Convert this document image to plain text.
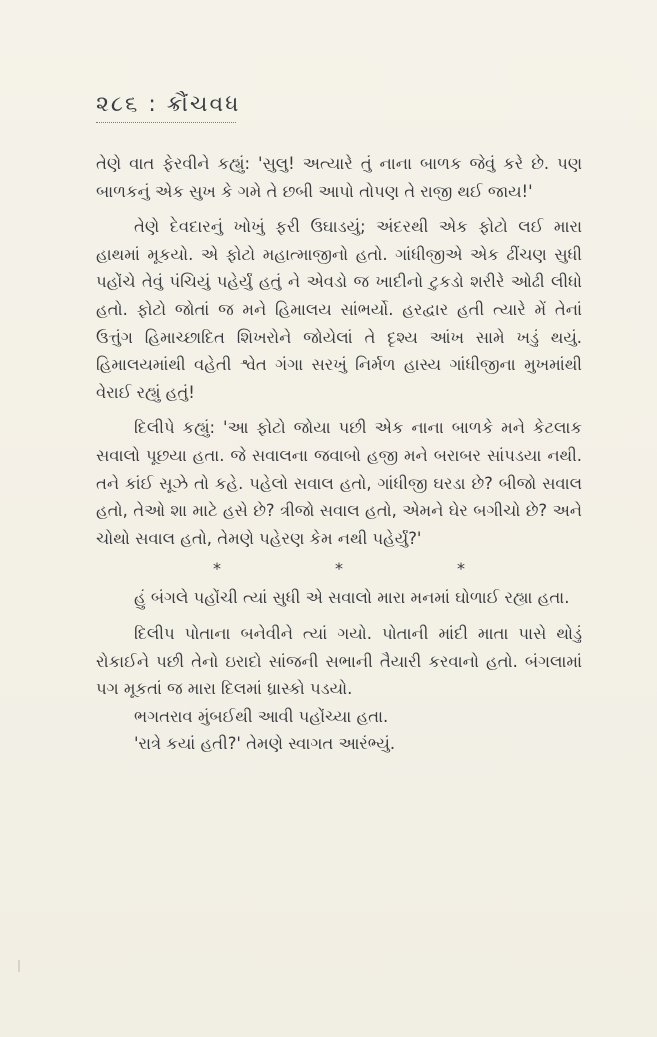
૨૮૬ : ક્રૌંચવધ

તેણે વાત ફેરવીને કહ્યું: 'સુલુ! અત્યારે તું નાના બાળક જેવું કરે છે. પણ બાળકનું એક સુખ કે ગમે તે છબી આપો તોપણ તે રાજી થઈ જાય!'

તેણે દેવદારનું ખોખું ફરી ઉઘાડયું; અંદરથી એક ફોટો લઈ મારા હાથમાં મૂકયો. એ ફોટો મહાત્માજીનો હતો. ગાંધીજીએ એક ઢીંચણ સુધી પહોંચે તેવું પંચિયું પહેર્યું હતું ને એવડો જ ખાદીનો ટુકડો શરીરે ઓઢી લીધો હતો. ફોટો જોતાં જ મને હિમાલય સાંભર્યો. હરદ્વાર હતી ત્યારે મેં તેનાં ઉત્તુંગ હિમાચ્છાદિત શિખરોને જોયેલાં તે દૃશ્ય આંખ સામે ખડું થયું. હિમાલયમાંથી વહેતી શ્વેત ગંગા સરખું નિર્મળ હાસ્ય ગાંધીજીના મુખમાંથી વેરાઈ રહ્યું હતું!

દિલીપે કહ્યું: 'આ ફોટો જોયા પછી એક નાના બાળકે મને કેટલાક સવાલો પૂછયા હતા. જે સવાલના જવાબો હજી મને બરાબર સાંપડયા નથી. તને કાંઈ સૂઝે તો કહે. પહેલો સવાલ હતો, ગાંધીજી ઘરડા છે? બીજો સવાલ હતો, તેઓ શા માટે હસે છે? ત્રીજો સવાલ હતો, એમને ઘેર બગીચો છે? અને ચોથો સવાલ હતો, તેમણે પહેરણ કેમ નથી પહેર્યું?'

*	*	*

હું બંગલે પહોંચી ત્યાં સુધી એ સવાલો મારા મનમાં ઘોળાઈ રહ્યા હતા.

દિલીપ પોતાના બનેવીને ત્યાં ગયો. પોતાની માંદી માતા પાસે થોડું રોકાઈને પછી તેનો ઇરાદો સાંજની સભાની તૈયારી કરવાનો હતો. બંગલામાં પગ મૂકતાં જ મારા દિલમાં ધ્રાસ્કો પડયો.

ભગતરાવ મુંબઈથી આવી પહોંચ્યા હતા.

'રાત્રે કયાં હતી?' તેમણે સ્વાગત આરંભ્યું.
